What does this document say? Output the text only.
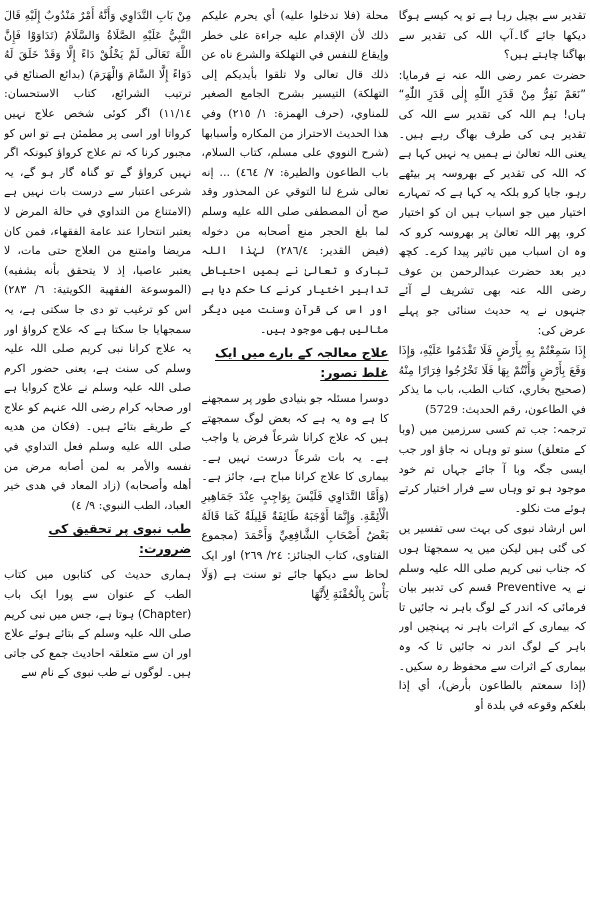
تقدیر سے بچیل رہا ہے تو یہ کیسے ہوگا دیکھا جائے گا۔آپ اللہ کی تقدیر سے بھاگنا چاہتے ہیں؟

حضرت عمر رضی اللہ عنہ نے فرمایا: ”نَعَمْ نَفِرُّ مِنْ قَدَرِ اللّٰهِ إِلٰى قَدَرِ اللّٰهِ“ ہاں! ہم اللہ کی تقدیر سے اللہ کی تقدیر ہی کی طرف بھاگ رہے ہیں۔ یعنی اللہ تعالیٰ نے ہمیں یہ نہیں کہا ہے کہ اللہ کی تقدیر کے بھروسہ پر بیٹھے رہو، جایا کرو بلکہ یہ کہا ہے کہ تمہارے اختیار میں جو اسباب ہیں ان کو اختیار کرو، پھر اللہ تعالیٰ پر بھروسہ کرو کہ وہ ان اسباب میں تاثیر پیدا کرے۔ کچھ دیر بعد حضرت عبدالرحمن بن عوف رضی اللہ عنہ بھی تشریف لے آئے جنہوں نے یہ حدیث سنائی جو پہلے عرض کی:

إِذَا سَمِعْتُمْ بِهِ بِأَرْضٍ فَلَا تَقْدَمُوا عَلَيْهِ، وَإِذَا وَقَعَ بِأَرْضٍ وَأَنْتُمْ بِهَا فَلَا تَخْرُجُوا فِرَارًا مِنْهُ (صحيح بخاري، كتاب الطب، باب ما يذكر في الطاعون، رقم الحديث: 5729)

ترجمہ: جب تم کسی سرزمین میں (وبا کے متعلق) سنو تو وہاں نہ جاؤ اور جب ایسی جگہ وبا آ جائے جہاں تم خود موجود ہو تو وہاں سے فرار اختیار کرتے ہوئے مت نکلو۔

اس ارشاد نبوی کی بہت سی تفسیر یں کی گئی ہیں لیکن میں یہ سمجھتا ہوں کہ جناب نبی کریم صلی اللہ علیہ وسلم نے یہ Preventive قسم کی تدبیر بیان فرمائی کہ اندر کے لوگ باہر نہ جائیں تا کہ بیماری کے اثرات باہر نہ پہنچیں اور باہر کے لوگ اندر نہ جائیں تا کہ وہ بیماری کے اثرات سے محفوظ رہ سکیں۔ (إذا سمعتم بالطاعون بأرض)، أي إذا بلغكم وقوعه في بلدة أو

محلة (فلا تدخلوا عليه) أي يحرم عليكم ذلك لأن الإقدام عليه جراءة على خطر وإيقاع للنفس في التهلكة والشرع ناه عن ذلك قال تعالى ولا تلقوا بأيديكم إلى التهلكة) التيسير بشرح الجامع الصغير للمناوي، (حرف الهمزة: ١/ ٢١٥) وفي هذا الحديث الاحتراز من المكاره وأسبابها (شرح النووي على مسلم، كتاب السلام، باب الطاعون والطيرة: ٧/ ٤٦٤) ... إنه تعالى شرع لنا التوقي عن المحذور وقد صح أن المصطفى صلى الله عليه وسلم لما بلغ الحجر منع أصحابه من دخوله (فيض القدير: ٢٨٦/٤) لہٰذا اللہ تبارک و تعالیٰ نے ہمیں احتیاطی تدابیر اختیار کرنے کا حکم دیا ہے اور اس کی قرآن وسنت میں دیگر مثالیں بھی موجود ہیں۔

علاج معالجہ کے بارے میں ایک غلط تصور:

دوسرا مسئلہ جو بنیادی طور پر سمجھنے کا ہے وہ یہ ہے کہ بعض لوگ سمجھتے ہیں کہ علاج کرانا شرعاً فرض یا واجب ہے۔ یہ بات شرعاً درست نہیں ہے۔ بیماری کا علاج کرانا مباح ہے، جائز ہے۔ (وَأَمَّا التَّدَاوِي فَلَيْسَ بِوَاجِبٍ عِنْدَ جَمَاهِيرِ الْأَئِمَّةِ. وَإِنَّمَا أَوْجَبَهُ طَائِفَةٌ قَلِيلَةٌ كَمَا قَالَهُ بَعْضُ أَصْحَابِ الشَّافِعِيِّ وَأَحْمَدَ (مجموع الفتاوى، كتاب الجنائز: ٢٤/ ٢٦٩) اور ایک لحاظ سے دیکھا جائے تو سنت ہے (وَلَا بَأْسَ بِالْحُقْنَةِ لِأَنَّهَا

مِنْ بَابِ التَّدَاوِي وَأَنَّهُ أَمْرٌ مَنْدُوبٌ إِلَيْهِ قَالَ النَّبِيُّ عَلَيْهِ الصَّلَاةُ وَالسَّلَامُ (تَدَاوَوْا فَإِنَّ اللَّهَ تَعَالَى لَمْ يَخْلُقْ دَاءً إِلَّا وَقَدْ خَلَقَ لَهُ دَوَاءً إِلَّا السَّامَ وَالْهَرَمَ) (بدائع الصنائع في ترتيب الشرائع، كتاب الاستحسان: ١١/١٤) اگر کوئی شخص علاج نہیں کرواتا اور اسی پر مطمئن ہے تو اس کو مجبور کرنا کہ تم علاج کرواؤ کیونکہ اگر نہیں کرواؤ گے تو گناہ گار ہو گے، یہ شرعی اعتبار سے درست بات نہیں ہے (الامتناع من التداوي في حالة المرض لا يعتبر انتحارا عند عامة الفقهاء، فمن كان مريضا وامتنع من العلاج حتى مات، لا يعتبر عاصيا، إذ لا يتحقق بأنه يشفيه) (الموسوعة الفقهية الكويتية: ٦/ ٢٨٣) اس کو ترغیب تو دی جا سکتی ہے، یہ سمجھایا جا سکتا ہے کہ علاج کرواؤ اور یہ علاج کرانا نبی کریم صلی اللہ علیہ وسلم کی سنت ہے، یعنی حضور اکرم صلی اللہ علیہ وسلم نے علاج کروایا ہے اور صحابہ کرام رضی اللہ عنہم کو علاج کے طریقے بتائے ہیں۔ (فكان من هديه صلى الله عليه وسلم فعل التداوي في نفسه والأمر به لمن أصابه مرض من أهله وأصحابه) (زاد المعاد في هدى خير العباد، الطب النبوي: ٩/ ٤)

طب نبوی پر تحقیق کی ضرورت:

ہماری حدیث کی کتابوں میں کتاب الطب کے عنوان سے پورا ایک باب (Chapter) ہوتا ہے، جس میں نبی کریم صلی اللہ علیہ وسلم کے بتائے ہوئے علاج اور ان سے متعلقہ احادیث جمع کی جاتی ہیں۔ لوگوں نے طب نبوی کے نام سے
